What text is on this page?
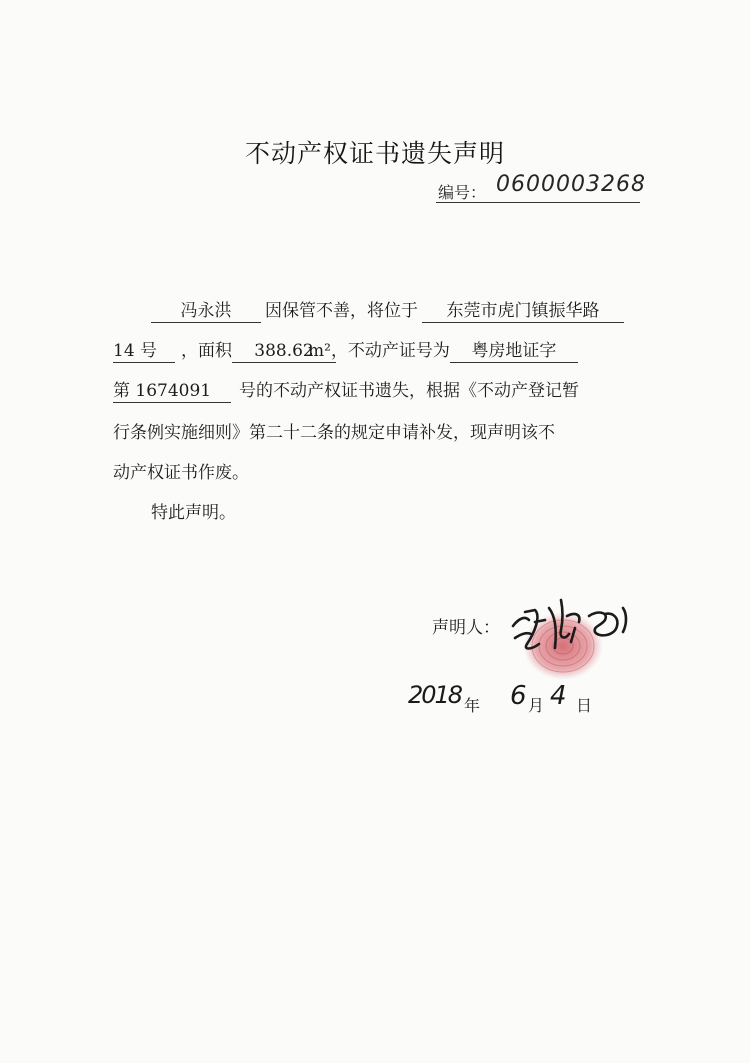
不动产权证书遗失声明
编号： 0600003268
冯永洪 因保管不善，将位于 东莞市虎门镇振华路
14 号 ，面积 388.62m²，不动产证号为 粤房地证字
第 1674091 号的不动产权证书遗失，根据《不动产登记暂
行条例实施细则》第二十二条的规定申请补发，现声明该不
动产权证书作废。
特此声明。
声明人：
2018 年 6 月 4 日
